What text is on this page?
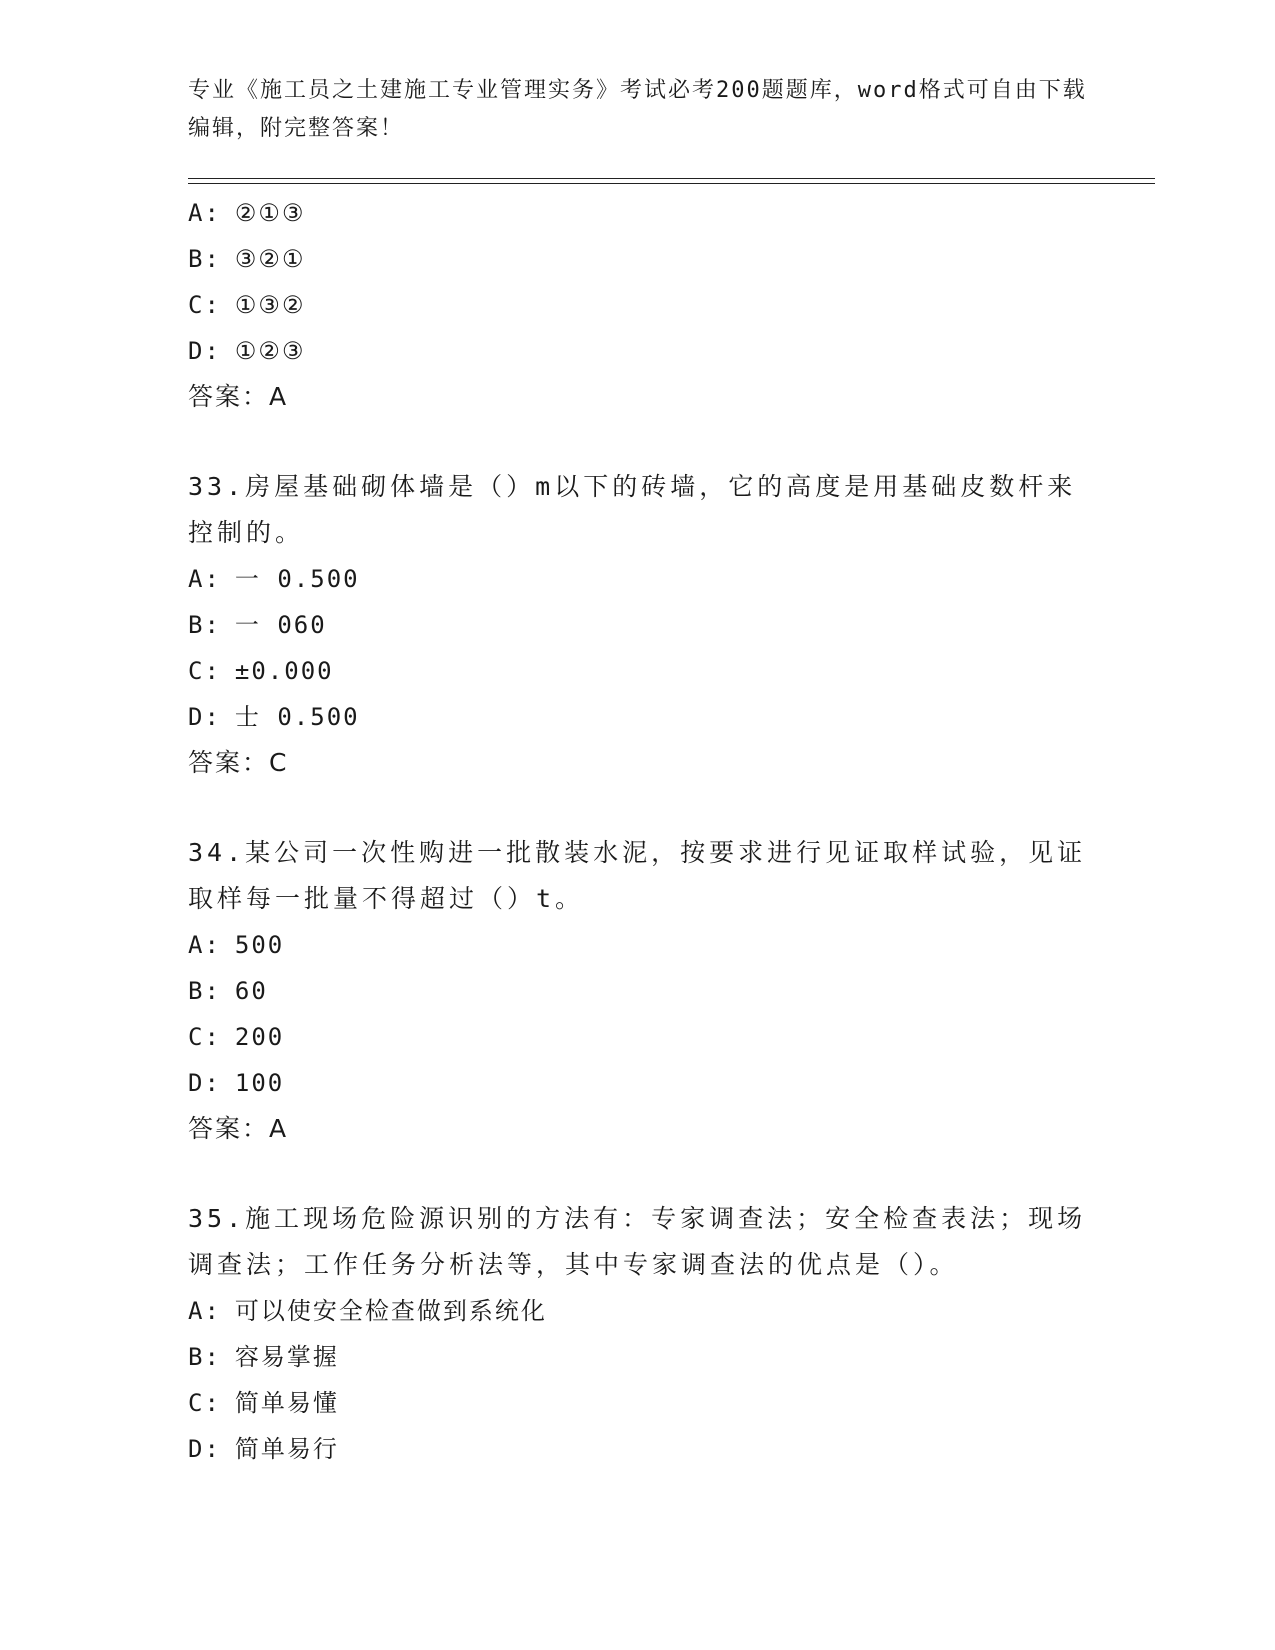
专业《施工员之土建施工专业管理实务》考试必考200题题库，word格式可自由下载编辑，附完整答案！
A: ②①③
B: ③②①
C: ①③②
D: ①②③
答案：A
33.房屋基础砌体墙是（）m以下的砖墙，它的高度是用基础皮数杆来控制的。
A: 一 0.500
B: 一 060
C: ±0.000
D: 士 0.500
答案：C
34.某公司一次性购进一批散装水泥，按要求进行见证取样试验，见证取样每一批量不得超过（）t。
A: 500
B: 60
C: 200
D: 100
答案：A
35.施工现场危险源识别的方法有：专家调查法；安全检查表法；现场调查法；工作任务分析法等，其中专家调查法的优点是（）。
A: 可以使安全检查做到系统化
B: 容易掌握
C: 简单易懂
D: 简单易行
